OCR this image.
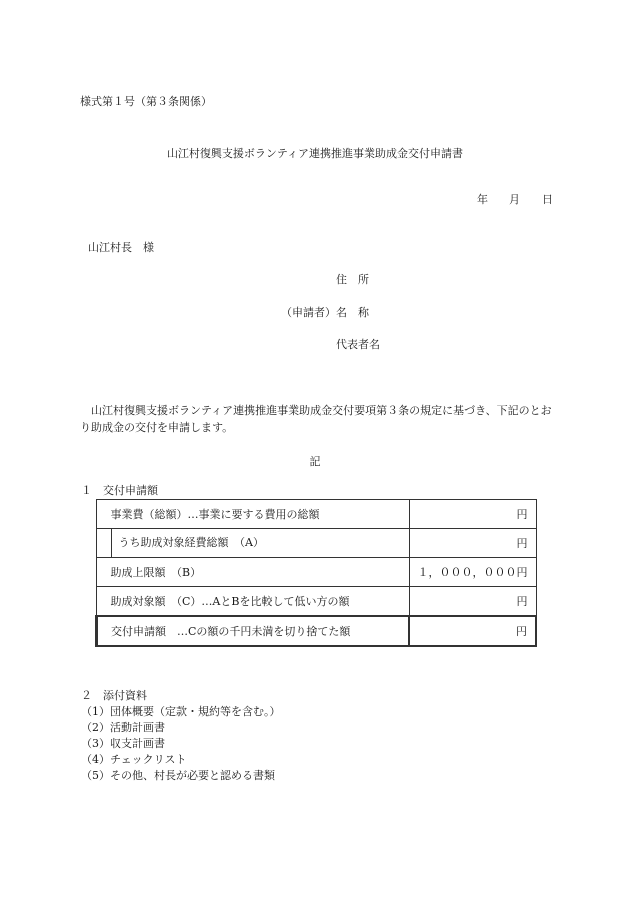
様式第１号（第３条関係）
山江村復興支援ボランティア連携推進事業助成金交付申請書
年 月 日
山江村長　様
住　所
（申請者） 名　称
代表者名
山江村復興支援ボランティア連携推進事業助成金交付要項第３条の規定に基づき、下記のとおり助成金の交付を申請します。
記
１　交付申請額
事業費（総額）…事業に要する費用の総額	円

うち助成対象経費総額　（A）	円
助成上限額　（B）	１，０００，０００円
助成対象額　（C）…AとBを比較して低い方の額	円
交付申請額　…Cの額の千円未満を切り捨てた額	円
２　添付資料
（1）団体概要（定款・規約等を含む。）
（2）活動計画書
（3）収支計画書
（4）チェックリスト
（5）その他、村長が必要と認める書類
